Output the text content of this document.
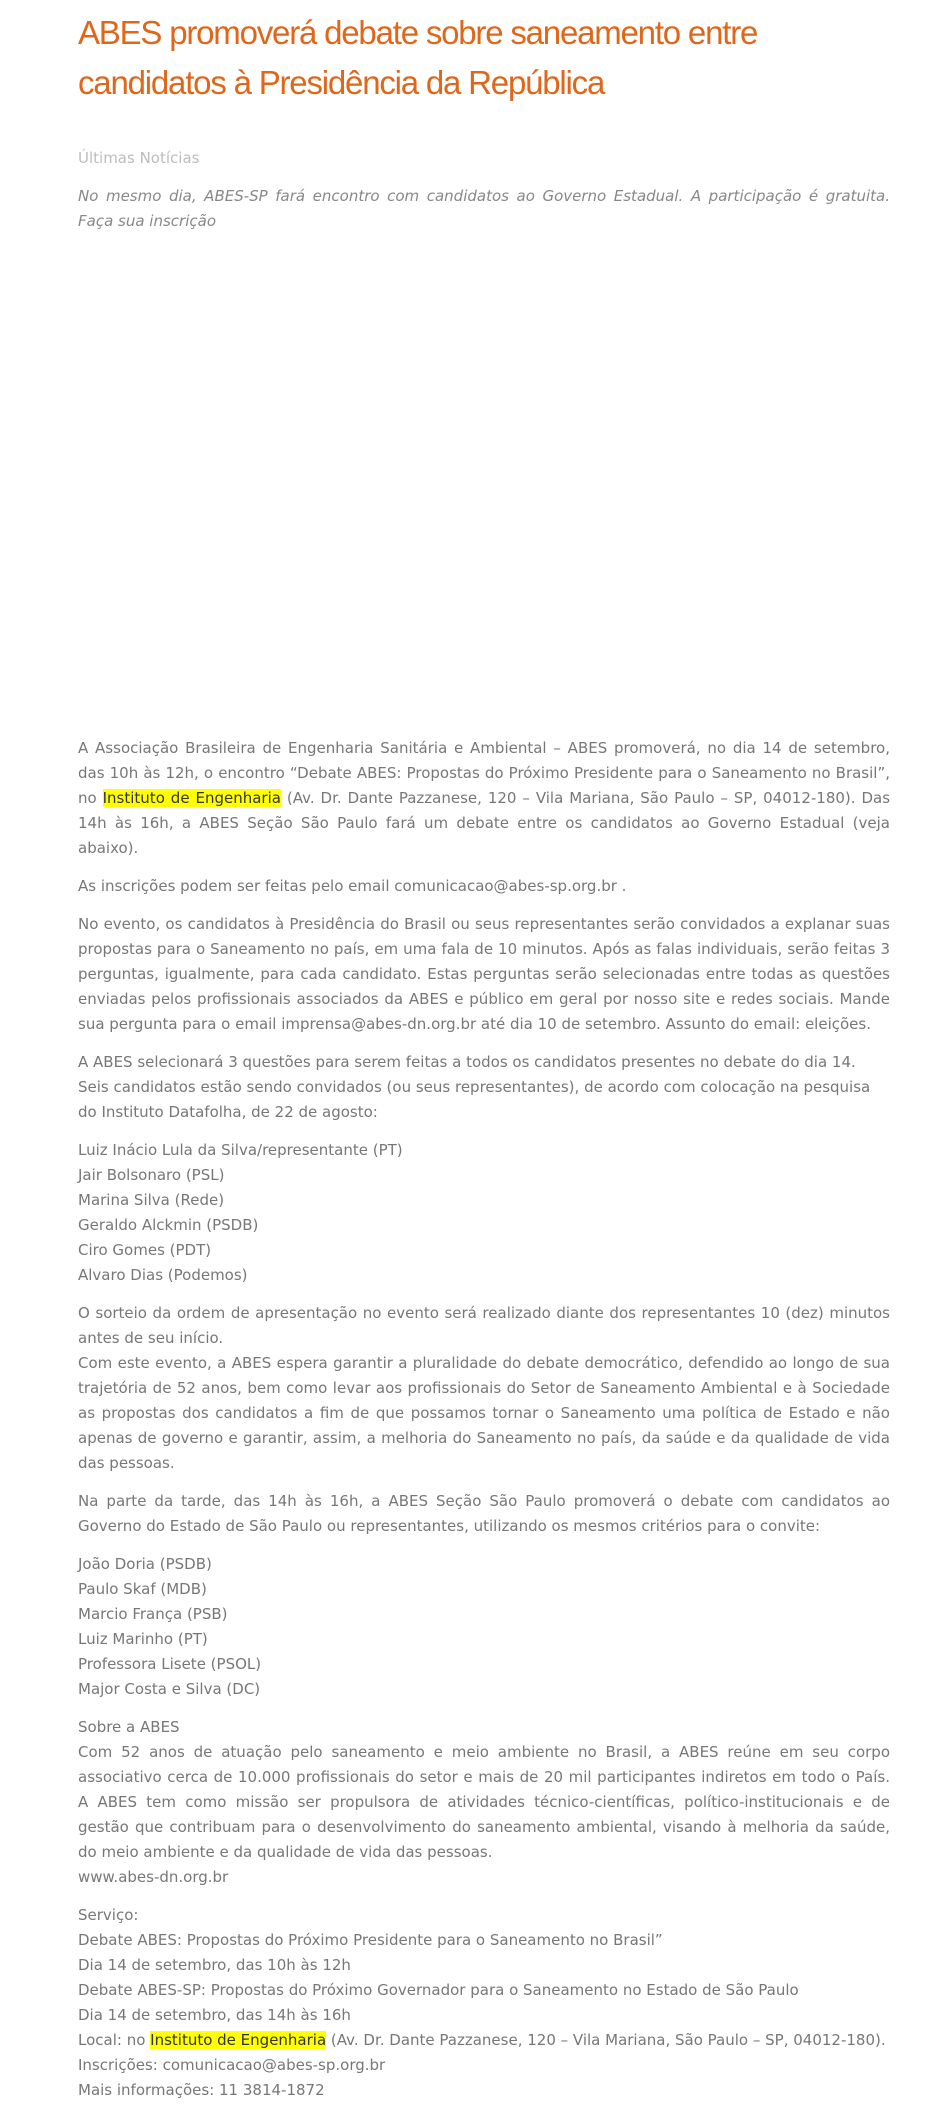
ABES promoverá debate sobre saneamento entre candidatos à Presidência da República
Últimas Notícias
No mesmo dia, ABES-SP fará encontro com candidatos ao Governo Estadual. A participação é gratuita. Faça sua inscrição

A Associação Brasileira de Engenharia Sanitária e Ambiental – ABES promoverá, no dia 14 de setembro, das 10h às 12h, o encontro “Debate ABES: Propostas do Próximo Presidente para o Saneamento no Brasil”, no Instituto de Engenharia (Av. Dr. Dante Pazzanese, 120 – Vila Mariana, São Paulo – SP, 04012-180). Das 14h às 16h, a ABES Seção São Paulo fará um debate entre os candidatos ao Governo Estadual (veja abaixo).

As inscrições podem ser feitas pelo email comunicacao@abes-sp.org.br .

No evento, os candidatos à Presidência do Brasil ou seus representantes serão convidados a explanar suas propostas para o Saneamento no país, em uma fala de 10 minutos. Após as falas individuais, serão feitas 3 perguntas, igualmente, para cada candidato. Estas perguntas serão selecionadas entre todas as questões enviadas pelos profissionais associados da ABES e público em geral por nosso site e redes sociais. Mande sua pergunta para o email imprensa@abes-dn.org.br até dia 10 de setembro. Assunto do email: eleições.

A ABES selecionará 3 questões para serem feitas a todos os candidatos presentes no debate do dia 14.
Seis candidatos estão sendo convidados (ou seus representantes), de acordo com colocação na pesquisa do Instituto Datafolha, de 22 de agosto:

Luiz Inácio Lula da Silva/representante (PT)
Jair Bolsonaro (PSL)
Marina Silva (Rede)
Geraldo Alckmin (PSDB)
Ciro Gomes (PDT)
Alvaro Dias (Podemos)

O sorteio da ordem de apresentação no evento será realizado diante dos representantes 10 (dez) minutos antes de seu início.
Com este evento, a ABES espera garantir a pluralidade do debate democrático, defendido ao longo de sua trajetória de 52 anos, bem como levar aos profissionais do Setor de Saneamento Ambiental e à Sociedade as propostas dos candidatos a fim de que possamos tornar o Saneamento uma política de Estado e não apenas de governo e garantir, assim, a melhoria do Saneamento no país, da saúde e da qualidade de vida das pessoas.

Na parte da tarde, das 14h às 16h, a ABES Seção São Paulo promoverá o debate com candidatos ao Governo do Estado de São Paulo ou representantes, utilizando os mesmos critérios para o convite:

João Doria (PSDB)
Paulo Skaf (MDB)
Marcio França (PSB)
Luiz Marinho (PT)
Professora Lisete (PSOL)
Major Costa e Silva (DC)

Sobre a ABES
Com 52 anos de atuação pelo saneamento e meio ambiente no Brasil, a ABES reúne em seu corpo associativo cerca de 10.000 profissionais do setor e mais de 20 mil participantes indiretos em todo o País. A ABES tem como missão ser propulsora de atividades técnico-científicas, político-institucionais e de gestão que contribuam para o desenvolvimento do saneamento ambiental, visando à melhoria da saúde, do meio ambiente e da qualidade de vida das pessoas.
www.abes-dn.org.br

Serviço:
Debate ABES: Propostas do Próximo Presidente para o Saneamento no Brasil”
Dia 14 de setembro, das 10h às 12h
Debate ABES-SP: Propostas do Próximo Governador para o Saneamento no Estado de São Paulo
Dia 14 de setembro, das 14h às 16h
Local: no Instituto de Engenharia (Av. Dr. Dante Pazzanese, 120 – Vila Mariana, São Paulo – SP, 04012-180).
Inscrições: comunicacao@abes-sp.org.br
Mais informações: 11 3814-1872
